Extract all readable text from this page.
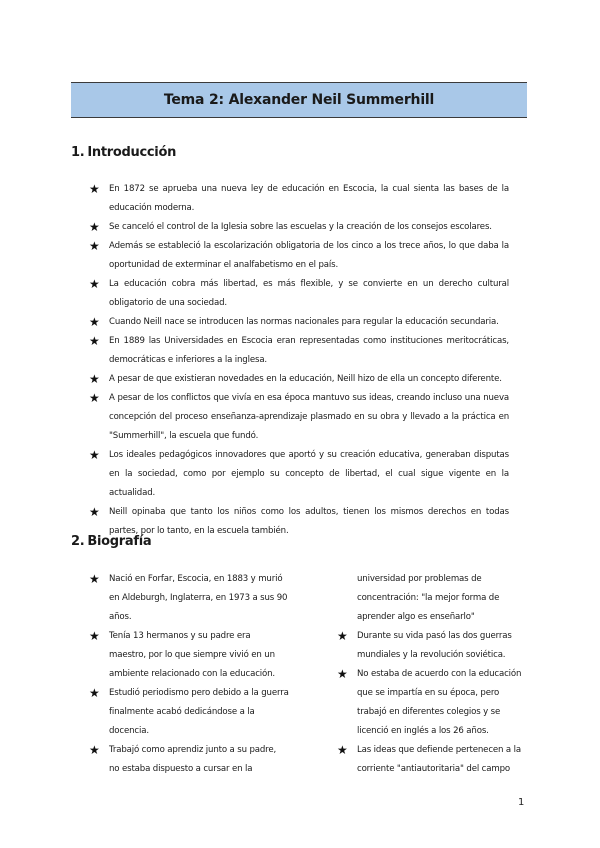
Tema 2: Alexander Neil Summerhill
1. Introducción
★ En 1872 se aprueba una nueva ley de educación en Escocia, la cual sienta las bases de la educación moderna.
★ Se canceló el control de la Iglesia sobre las escuelas y la creación de los consejos escolares.
★ Además se estableció la escolarización obligatoria de los cinco a los trece años, lo que daba la oportunidad de exterminar el analfabetismo en el país.
★ La educación cobra más libertad, es más flexible, y se convierte en un derecho cultural obligatorio de una sociedad.
★ Cuando Neill nace se introducen las normas nacionales para regular la educación secundaria.
★ En 1889 las Universidades en Escocia eran representadas como instituciones meritocráticas, democráticas e inferiores a la inglesa.
★ A pesar de que existieran novedades en la educación, Neill hizo de ella un concepto diferente.
★ A pesar de los conflictos que vivía en esa época mantuvo sus ideas, creando incluso una nueva concepción del proceso enseñanza-aprendizaje plasmado en su obra y llevado a la práctica en "Summerhill", la escuela que fundó.
★ Los ideales pedagógicos innovadores que aportó y su creación educativa, generaban disputas en la sociedad, como por ejemplo su concepto de libertad, el cual sigue vigente en la actualidad.
★ Neill opinaba que tanto los niños como los adultos, tienen los mismos derechos en todas partes, por lo tanto, en la escuela también.
2. Biografía
★ Nació en Forfar, Escocia, en 1883 y murió en Aldeburgh, Inglaterra, en 1973 a sus 90 años.
★ Tenía 13 hermanos y su padre era maestro, por lo que siempre vivió en un ambiente relacionado con la educación.
★ Estudió periodismo pero debido a la guerra finalmente acabó dedicándose a la docencia.
★ Trabajó como aprendiz junto a su padre, no estaba dispuesto a cursar en la
universidad por problemas de concentración: "la mejor forma de aprender algo es enseñarlo"
★ Durante su vida pasó las dos guerras mundiales y la revolución soviética.
★ No estaba de acuerdo con la educación que se impartía en su época, pero trabajó en diferentes colegios y se licenció en inglés a los 26 años.
★ Las ideas que defiende pertenecen a la corriente "antiautoritaria" del campo
1
